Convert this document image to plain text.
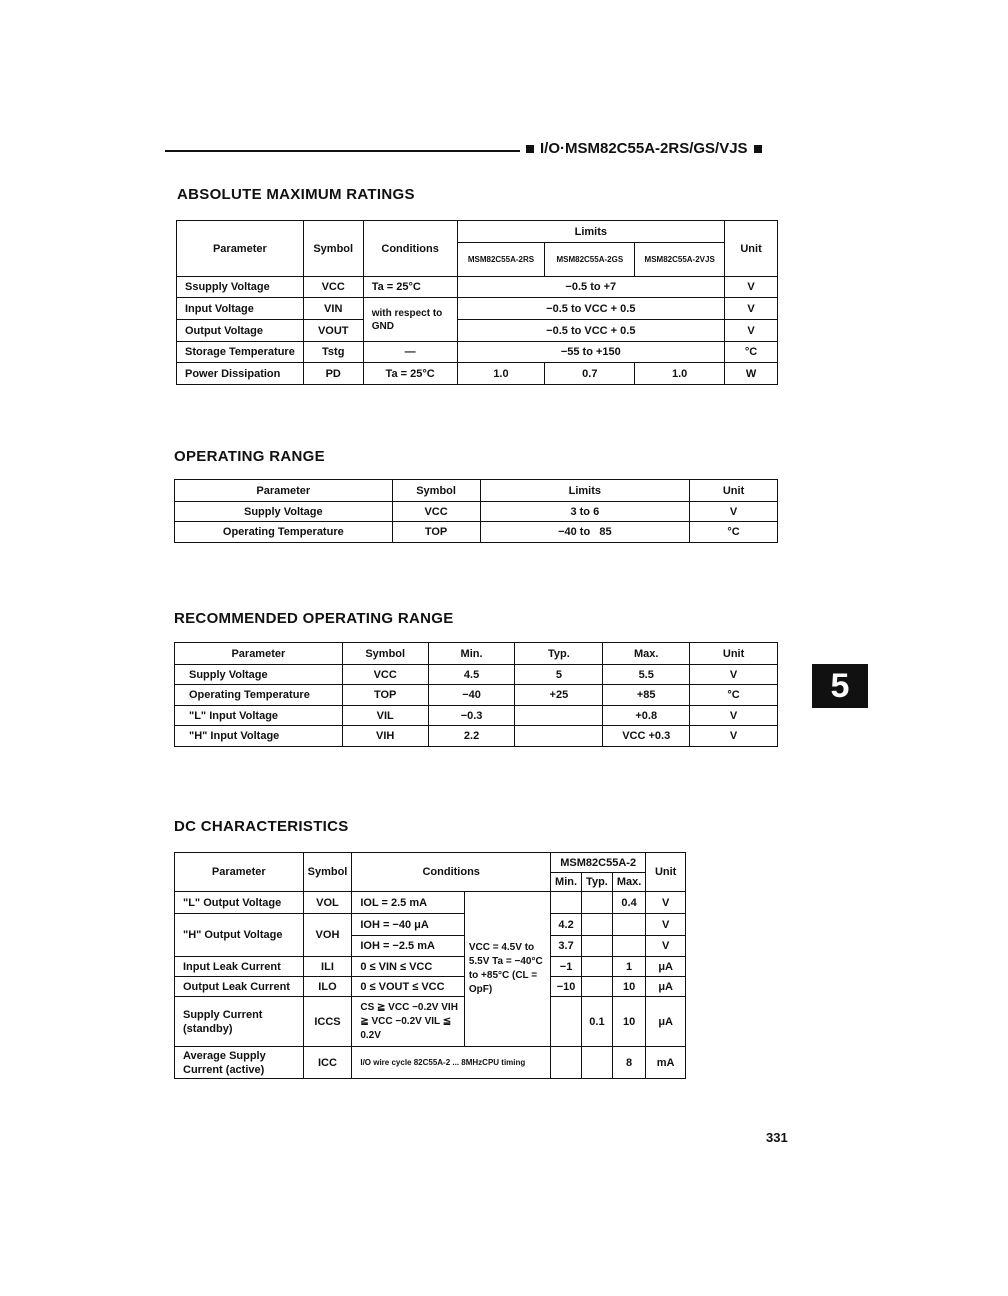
I/O·MSM82C55A-2RS/GS/VJS
ABSOLUTE MAXIMUM RATINGS
Parameter	Symbol	Conditions	Limits			Unit
			MSM82C55A-2RS	MSM82C55A-2GS	MSM82C55A-2VJS	
Ssupply Voltage	VCC	Ta = 25°C	−0.5 to +7			V
Input Voltage	VIN	with respect to GND	−0.5 to VCC + 0.5			V
Output Voltage	VOUT		−0.5 to VCC + 0.5			V
Storage Temperature	Tstg	—	−55 to +150			°C
Power Dissipation	PD	Ta = 25°C	1.0	0.7	1.0	W
OPERATING RANGE
Parameter	Symbol	Limits	Unit
Supply Voltage	VCC	3 to 6	V
Operating Temperature	TOP	−40 to   85	°C
RECOMMENDED OPERATING RANGE
Parameter	Symbol	Min.	Typ.	Max.	Unit
Supply Voltage	VCC	4.5	5	5.5	V
Operating Temperature	TOP	−40	+25	+85	°C
"L" Input Voltage	VIL	−0.3		+0.8	V
"H" Input Voltage	VIH	2.2		VCC +0.3	V
5
DC CHARACTERISTICS
Parameter	Symbol	Conditions		MSM82C55A-2			Unit
				Min.	Typ.	Max.	
"L" Output Voltage	VOL	IOL = 2.5 mA	VCC = 4.5V to 5.5V Ta = −40°C to +85°C (CL = OpF)			0.4	V
"H" Output Voltage	VOH	IOH = −40 μA		4.2			V
		IOH = −2.5 mA		3.7			V
Input Leak Current	ILI	0 ≤ VIN ≤ VCC		−1		1	μA
Output Leak Current	ILO	0 ≤ VOUT ≤ VCC		−10		10	μA
Supply Current (standby)	ICCS	CS ≧ VCC −0.2V VIH ≧ VCC −0.2V VIL ≦ 0.2V			0.1	10	μA
Average Supply Current (active)	ICC	I/O wire cycle 82C55A-2 ... 8MHzCPU timing				8	mA
331
